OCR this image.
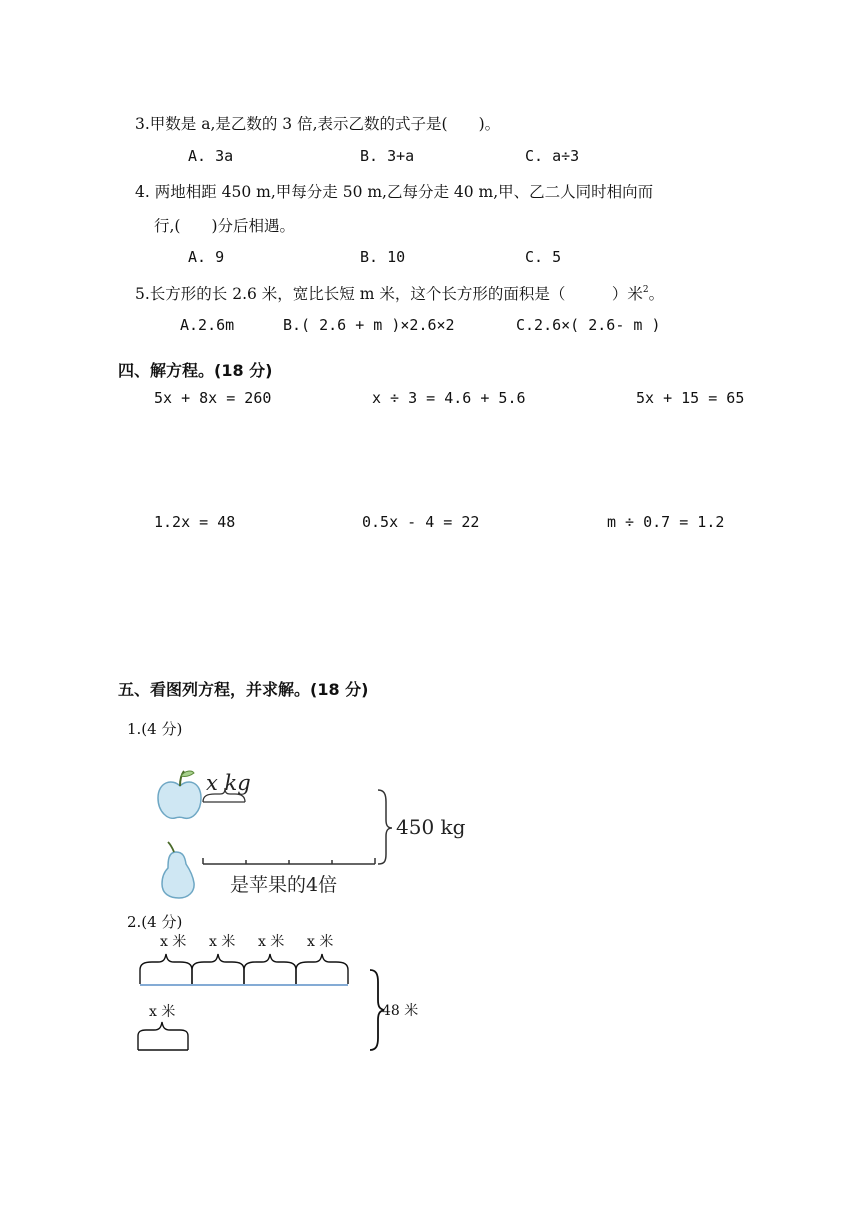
3.甲数是 a,是乙数的 3 倍,表示乙数的式子是(　　)。
A. 3a	B. 3+a	C. a÷3
4. 两地相距 450 m,甲每分走 50 m,乙每分走 40 m,甲、乙二人同时相向而
行,(　　)分后相遇。
A. 9	B. 10	C. 5
5.长方形的长 2.6 米，宽比长短 m 米，这个长方形的面积是（　　　）米$^2$。
A.2.6m	B.( 2.6 + m )×2.6×2	C.2.6×( 2.6- m )
四、解方程。(18 分)
5x + 8x = 260	x ÷ 3 = 4.6 + 5.6	5x + 15 = 65
1.2x = 48	0.5x - 4 = 22	m ÷ 0.7 = 1.2
五、看图列方程，并求解。(18 分)
1.(4 分)
x kg
是苹果的4倍
450 kg
2.(4 分)
x 米 x 米 x 米 x 米
x 米	48 米
